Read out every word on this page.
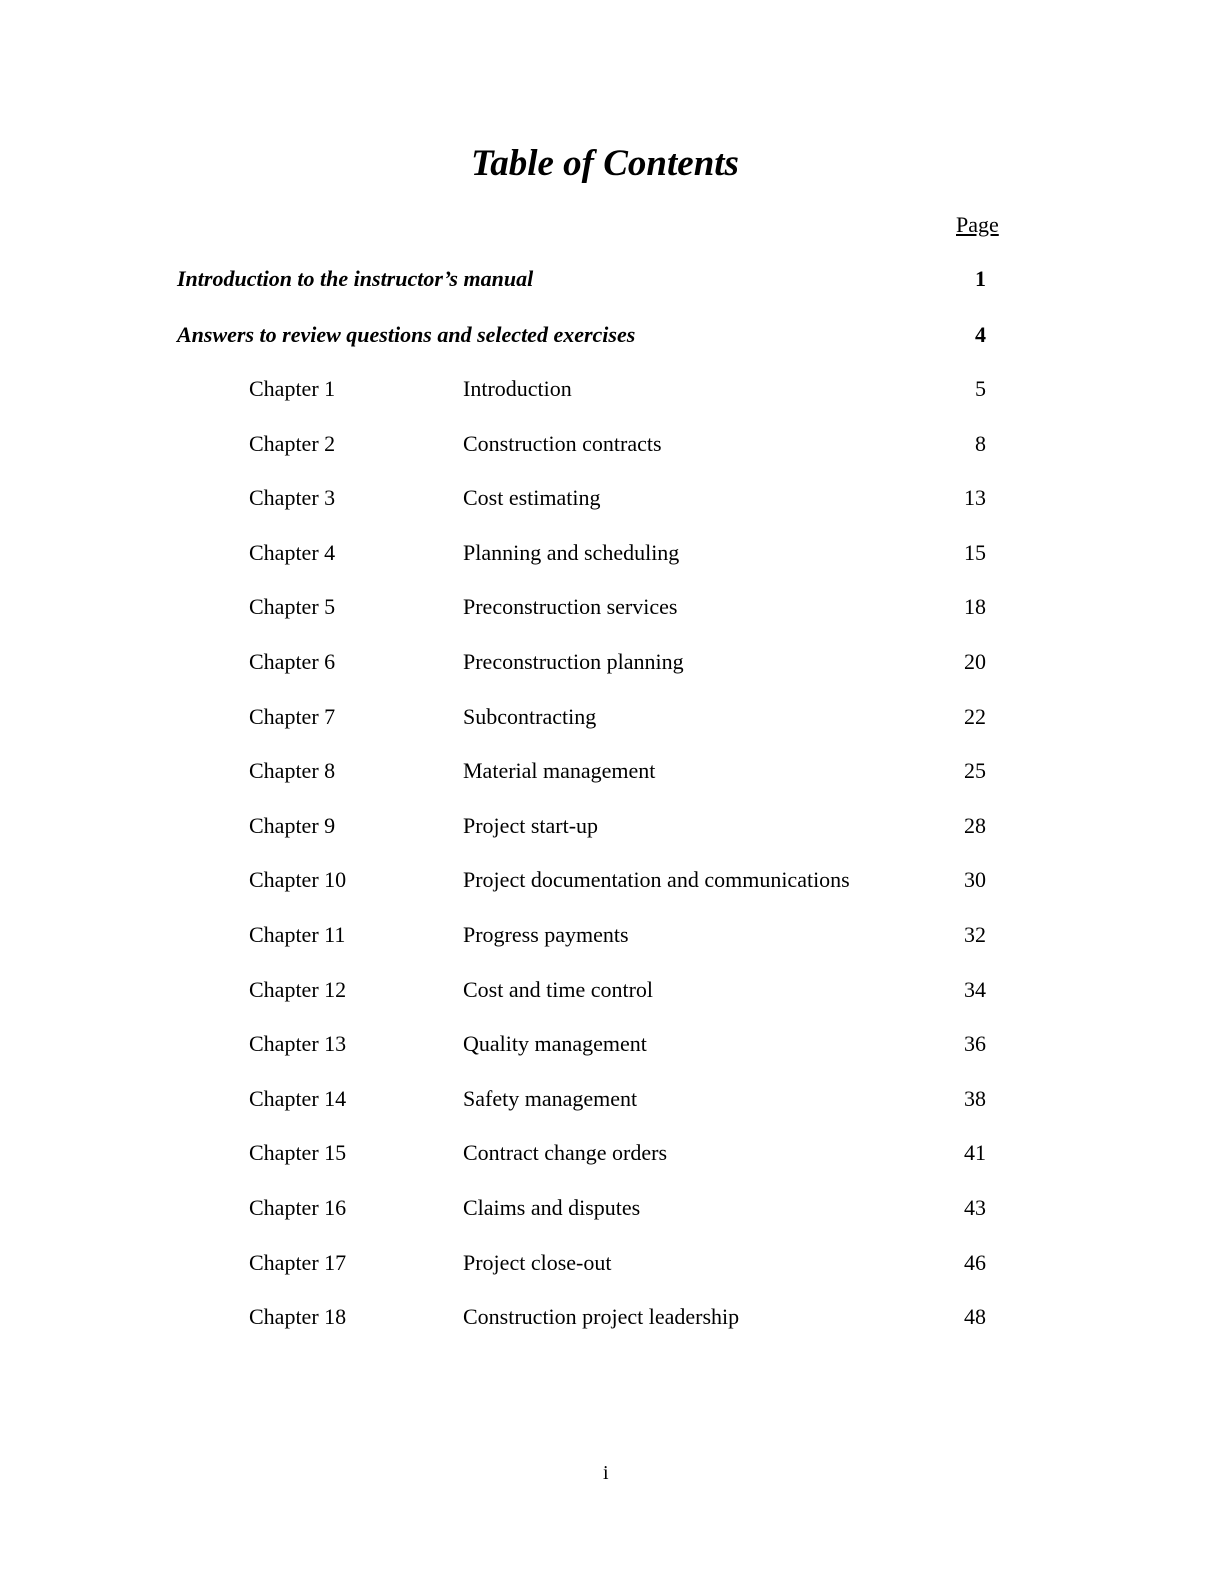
Table of Contents
Page
Introduction to the instructor’s manual	1
Answers to review questions and selected exercises	4
Chapter 1	Introduction	5
Chapter 2	Construction contracts	8
Chapter 3	Cost estimating	13
Chapter 4	Planning and scheduling	15
Chapter 5	Preconstruction services	18
Chapter 6	Preconstruction planning	20
Chapter 7	Subcontracting	22
Chapter 8	Material management	25
Chapter 9	Project start-up	28
Chapter 10	Project documentation and communications	30
Chapter 11	Progress payments	32
Chapter 12	Cost and time control	34
Chapter 13	Quality management	36
Chapter 14	Safety management	38
Chapter 15	Contract change orders	41
Chapter 16	Claims and disputes	43
Chapter 17	Project close-out	46
Chapter 18	Construction project leadership	48
i
